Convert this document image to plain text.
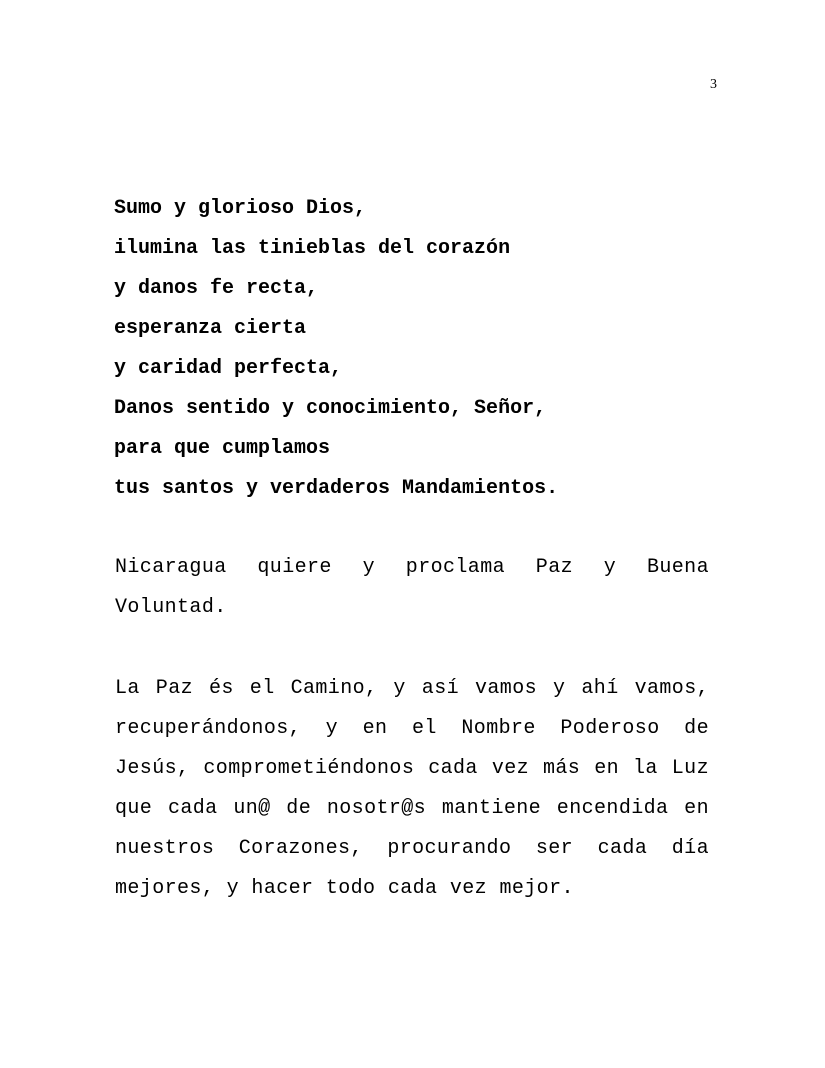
3
Sumo y glorioso Dios,
ilumina las tinieblas del corazón
y danos fe recta,
esperanza cierta
y caridad perfecta,
Danos sentido y conocimiento, Señor,
para que cumplamos
tus santos y verdaderos Mandamientos.

Nicaragua quiere y proclama Paz y Buena Voluntad.

La Paz és el Camino, y así vamos y ahí vamos, recuperándonos, y en el Nombre Poderoso de Jesús, comprometiéndonos cada vez más en la Luz que cada un@ de nosotr@s mantiene encendida en nuestros Corazones, procurando ser cada día mejores, y hacer todo cada vez mejor.
